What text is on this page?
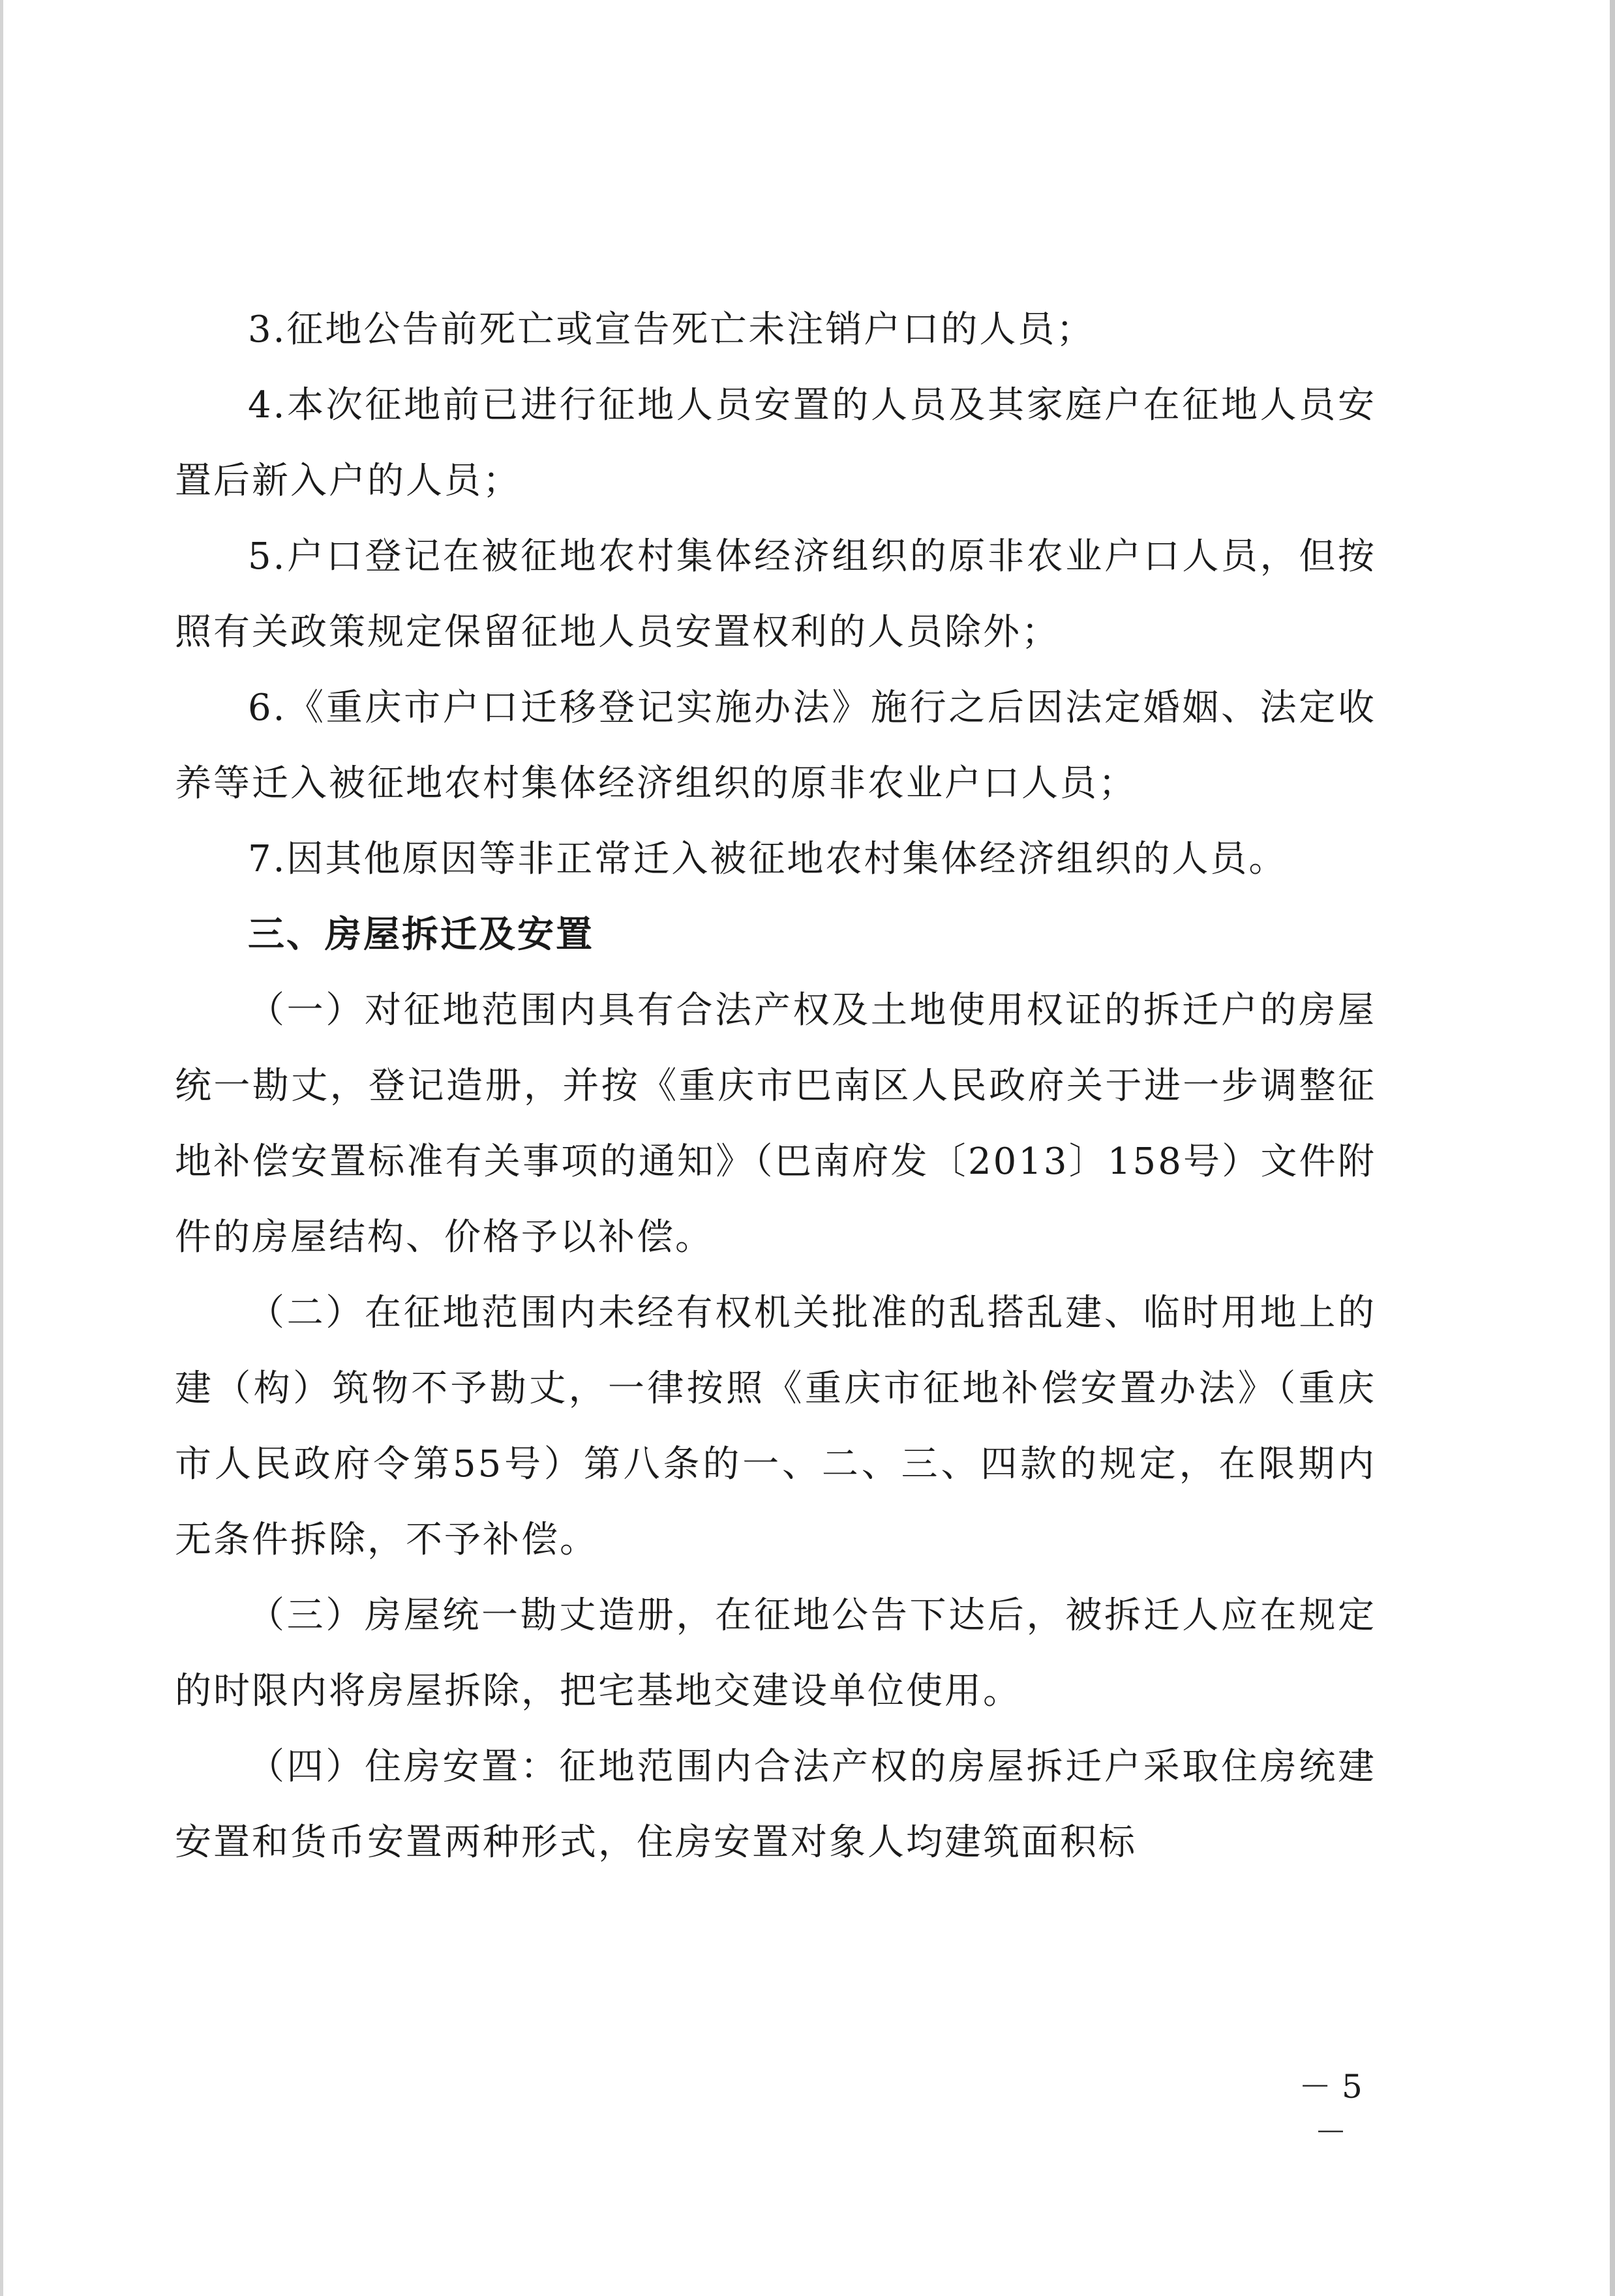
3.征地公告前死亡或宣告死亡未注销户口的人员；

4.本次征地前已进行征地人员安置的人员及其家庭户在征地人员安置后新入户的人员；

5.户口登记在被征地农村集体经济组织的原非农业户口人员，但按照有关政策规定保留征地人员安置权利的人员除外；

6.《重庆市户口迁移登记实施办法》施行之后因法定婚姻、法定收养等迁入被征地农村集体经济组织的原非农业户口人员；

7.因其他原因等非正常迁入被征地农村集体经济组织的人员。

三、房屋拆迁及安置

（一）对征地范围内具有合法产权及土地使用权证的拆迁户的房屋统一勘丈，登记造册，并按《重庆市巴南区人民政府关于进一步调整征地补偿安置标准有关事项的通知》（巴南府发〔2013〕158号）文件附件的房屋结构、价格予以补偿。

（二）在征地范围内未经有权机关批准的乱搭乱建、临时用地上的建（构）筑物不予勘丈，一律按照《重庆市征地补偿安置办法》（重庆市人民政府令第55号）第八条的一、二、三、四款的规定，在限期内无条件拆除，不予补偿。

（三）房屋统一勘丈造册，在征地公告下达后，被拆迁人应在规定的时限内将房屋拆除，把宅基地交建设单位使用。

（四）住房安置：征地范围内合法产权的房屋拆迁户采取住房统建安置和货币安置两种形式，住房安置对象人均建筑面积标

－ 5 －
